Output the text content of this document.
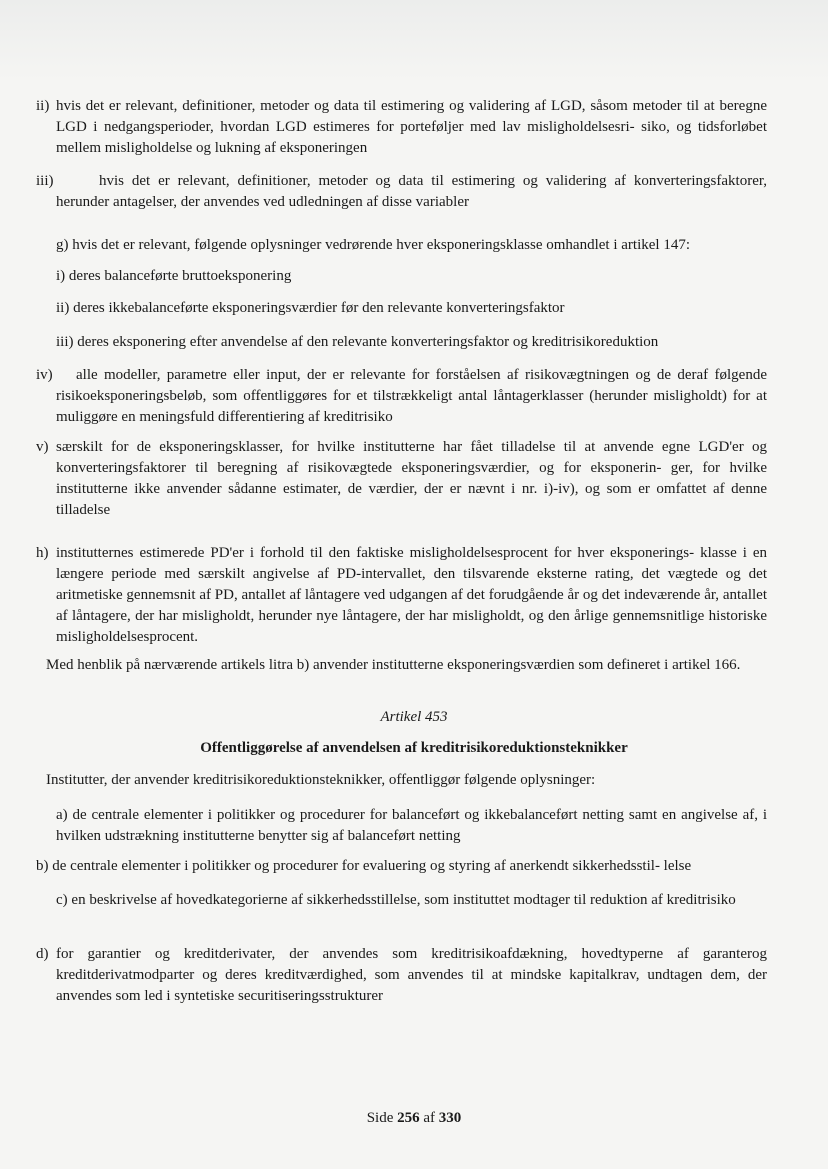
ii) hvis det er relevant, definitioner, metoder og data til estimering og validering af LGD, såsom metoder til at beregne LGD i nedgangsperioder, hvordan LGD estimeres for porteføljer med lav misligholdelsesri- siko, og tidsforløbet mellem misligholdelse og lukning af eksponeringen
iii)	hvis det er relevant, definitioner, metoder og data til estimering og validering af konverteringsfaktorer, herunder antagelser, der anvendes ved udledningen af disse variabler
g) hvis det er relevant, følgende oplysninger vedrørende hver eksponeringsklasse omhandlet i artikel 147:
i) deres balanceførte bruttoeksponering
ii) deres ikkebalanceførte eksponeringsværdier før den relevante konverteringsfaktor
iii) deres eksponering efter anvendelse af den relevante konverteringsfaktor og kreditrisikoreduktion
iv)	alle modeller, parametre eller input, der er relevante for forståelsen af risikovægtningen og de deraf følgende risikoeksponeringsbeløb, som offentliggøres for et tilstrækkeligt antal låntagerklasser (herunder misligholdt) for at muliggøre en meningsfuld differentiering af kreditrisiko
v) særskilt for de eksponeringsklasser, for hvilke institutterne har fået tilladelse til at anvende egne LGD'er og konverteringsfaktorer til beregning af risikovægtede eksponeringsværdier, og for eksponerin- ger, for hvilke institutterne ikke anvender sådanne estimater, de værdier, der er nævnt i nr. i)-iv), og som er omfattet af denne tilladelse
h) institutternes estimerede PD'er i forhold til den faktiske misligholdelsesprocent for hver eksponerings- klasse i en længere periode med særskilt angivelse af PD-intervallet, den tilsvarende eksterne rating, det vægtede og det aritmetiske gennemsnit af PD, antallet af låntagere ved udgangen af det forudgående år og det indeværende år, antallet af låntagere, der har misligholdt, herunder nye låntagere, der har misligholdt, og den årlige gennemsnitlige historiske misligholdelsesprocent.
Med henblik på nærværende artikels litra b) anvender institutterne eksponeringsværdien som defineret i artikel 166.
Artikel 453
Offentliggørelse af anvendelsen af kreditrisikoreduktionsteknikker
Institutter, der anvender kreditrisikoreduktionsteknikker, offentliggør følgende oplysninger:
a) de centrale elementer i politikker og procedurer for balanceført og ikkebalanceført netting samt en angivelse af, i hvilken udstrækning institutterne benytter sig af balanceført netting
b) de centrale elementer i politikker og procedurer for evaluering og styring af anerkendt sikkerhedsstil- lelse
c) en beskrivelse af hovedkategorierne af sikkerhedsstillelse, som instituttet modtager til reduktion af kreditrisiko
d) for garantier og kreditderivater, der anvendes som kreditrisikoafdækning, hovedtyperne af garanterog kreditderivatmodparter og deres kreditværdighed, som anvendes til at mindske kapitalkrav, undtagen dem, der anvendes som led i syntetiske securitiseringsstrukturer
Side 256 af 330
